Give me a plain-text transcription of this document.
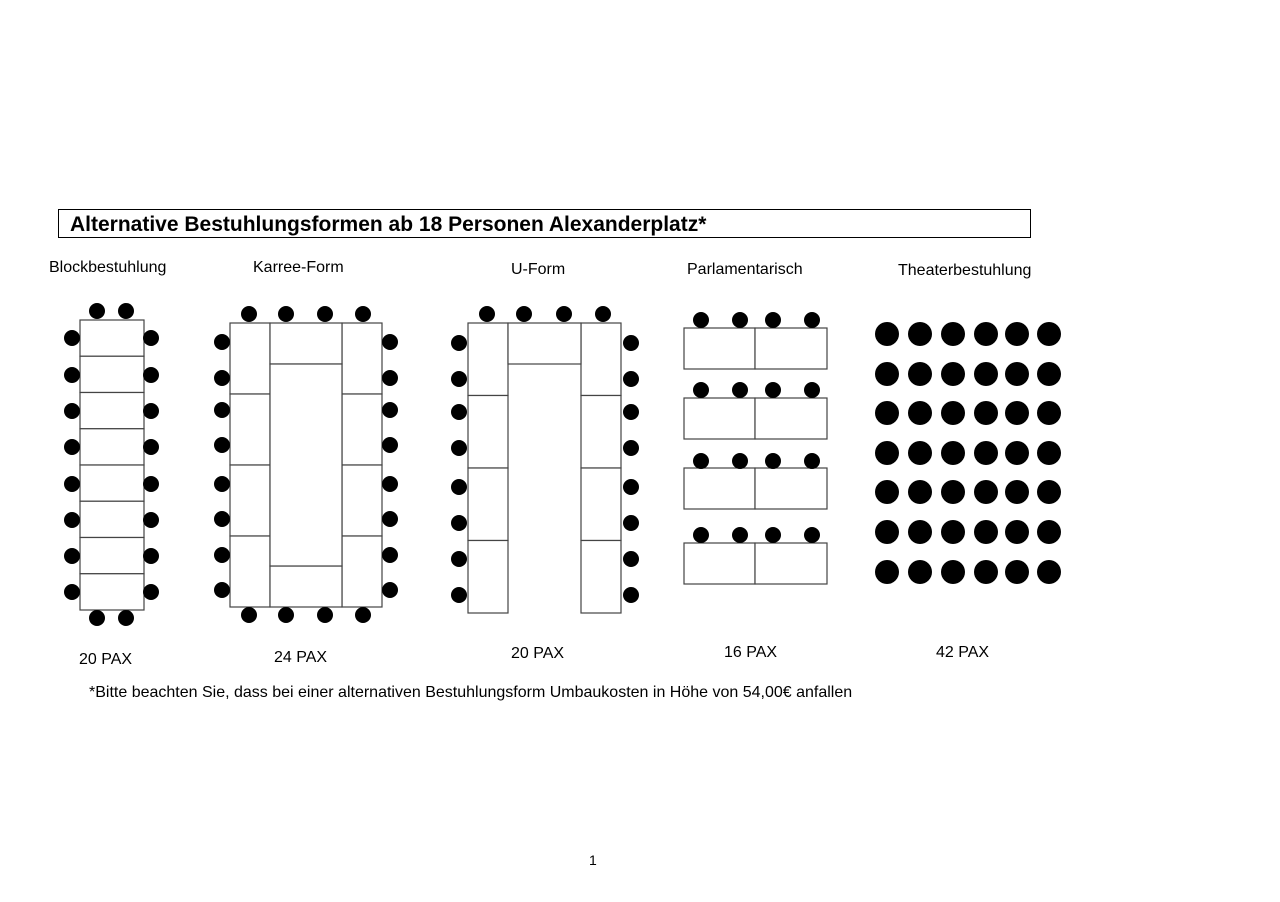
Alternative Bestuhlungsformen ab 18 Personen Alexanderplatz*
Blockbestuhlung	Karree-Form	U-Form	Parlamentarisch	Theaterbestuhlung
20 PAX	24 PAX	20 PAX	16 PAX	42 PAX
*Bitte beachten Sie, dass bei einer alternativen Bestuhlungsform Umbaukosten in Höhe von 54,00€ anfallen
1
